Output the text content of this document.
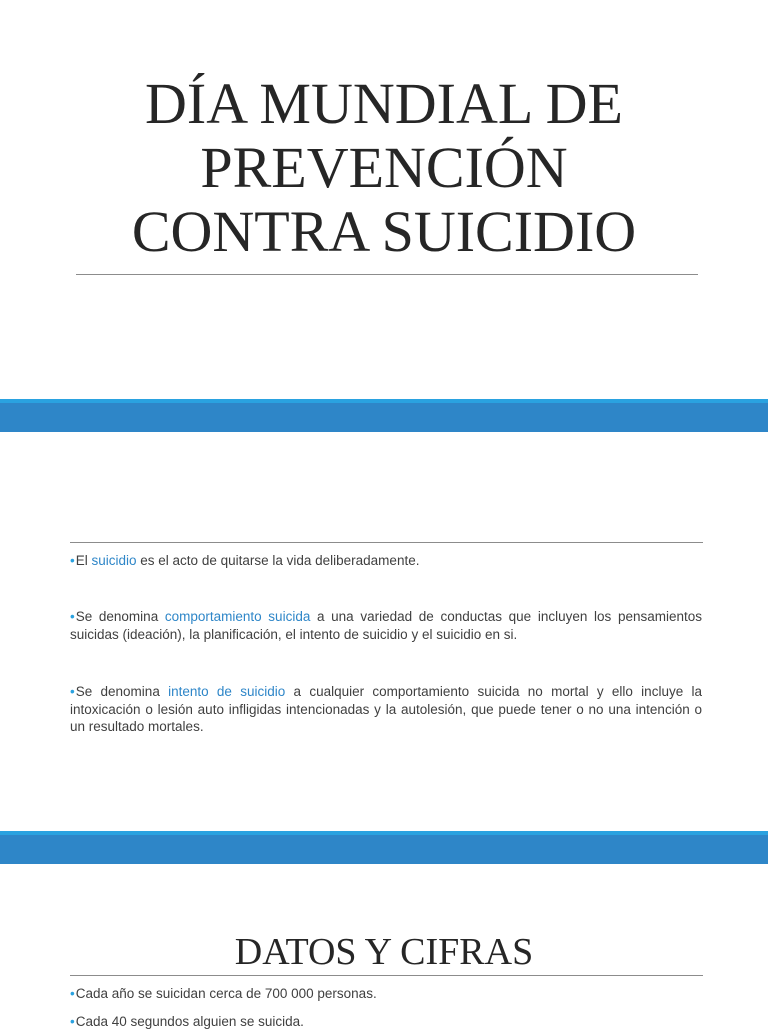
DÍA MUNDIAL DE
PREVENCIÓN
CONTRA SUICIDIO
•El suicidio es el acto de quitarse la vida deliberadamente.
•Se denomina comportamiento suicida a una variedad de conductas que incluyen los pensamientos suicidas (ideación), la planificación, el intento de suicidio y el suicidio en si.
•Se denomina intento de suicidio a cualquier comportamiento suicida no mortal y ello incluye la intoxicación o lesión auto infligidas intencionadas y la autolesión, que puede tener o no una intención o un resultado mortales.
DATOS Y CIFRAS
•Cada año se suicidan cerca de 700 000 personas.
•Cada 40 segundos alguien se suicida.
